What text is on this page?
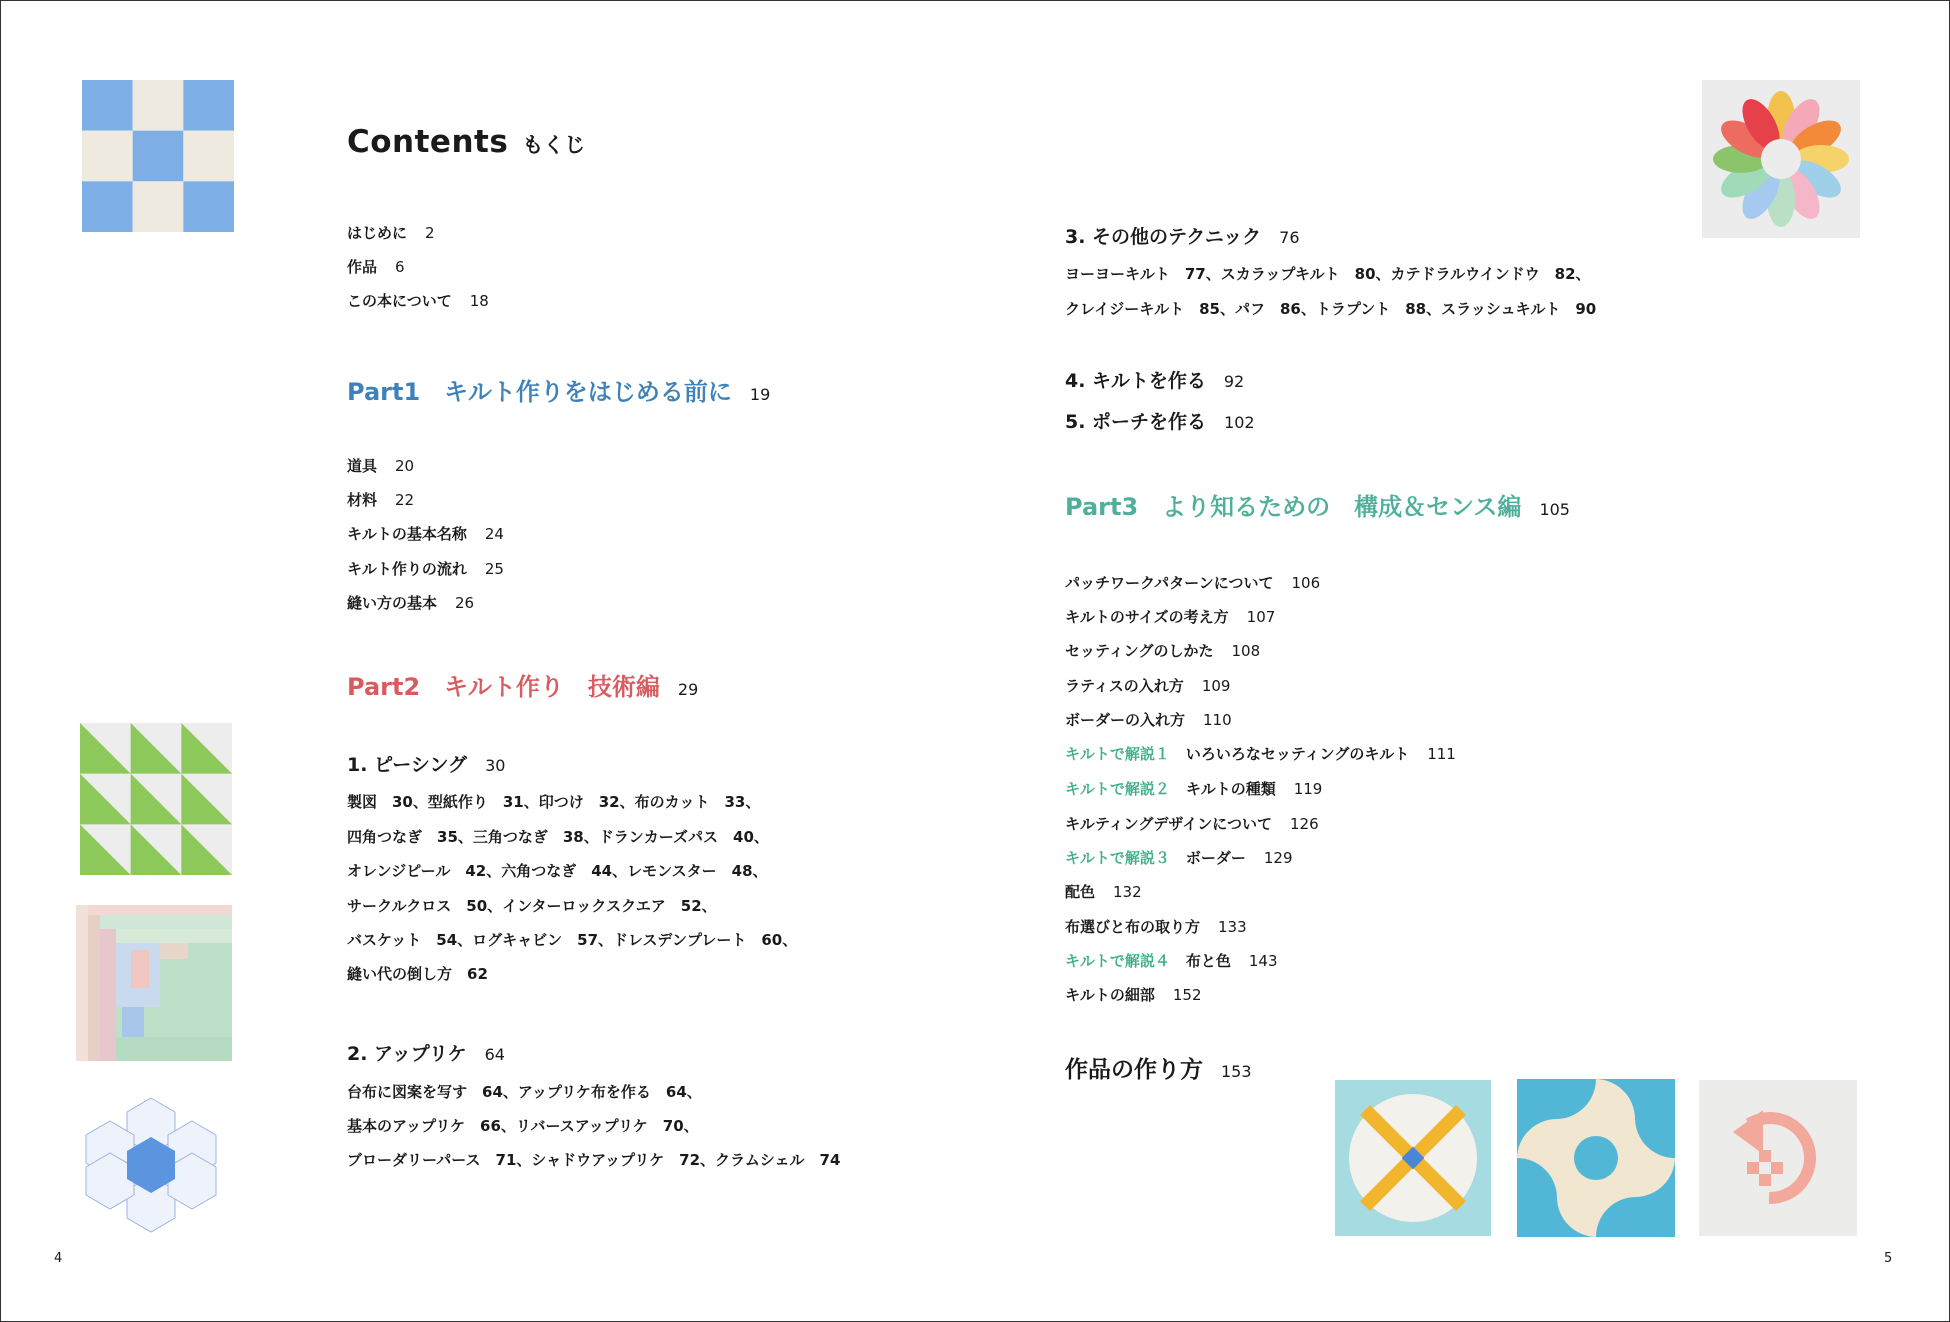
Contents もくじ
はじめに 2
作品 6
この本について 18
Part1　キルト作りをはじめる前に 19
道具 20
材料 22
キルトの基本名称 24
キルト作りの流れ 25
縫い方の基本 26
Part2　キルト作り　技術編 29
1. ピーシング 30
製図　30、型紙作り　31、印つけ　32、布のカット　33、
四角つなぎ　35、三角つなぎ　38、ドランカーズパス　40、
オレンジピール　42、六角つなぎ　44、レモンスター　48、
サークルクロス　50、インターロックスクエア　52、
バスケット　54、ログキャビン　57、ドレスデンプレート　60、
縫い代の倒し方　62
2. アップリケ 64
台布に図案を写す　64、アップリケ布を作る　64、
基本のアップリケ　66、リバースアップリケ　70、
ブローダリーパース　71、シャドウアップリケ　72、クラムシェル　74
3. その他のテクニック 76
ヨーヨーキルト　77、スカラップキルト　80、カテドラルウインドウ　82、
クレイジーキルト　85、パフ　86、トラプント　88、スラッシュキルト　90
4. キルトを作る 92
5. ポーチを作る 102
Part3　より知るための　構成＆センス編 105
パッチワークパターンについて 106
キルトのサイズの考え方 107
セッティングのしかた 108
ラティスの入れ方 109
ボーダーの入れ方 110
キルトで解説１ いろいろなセッティングのキルト 111
キルトで解説２ キルトの種類 119
キルティングデザインについて 126
キルトで解説３ ボーダー 129
配色 132
布選びと布の取り方 133
キルトで解説４ 布と色 143
キルトの細部 152
作品の作り方 153
4	5
